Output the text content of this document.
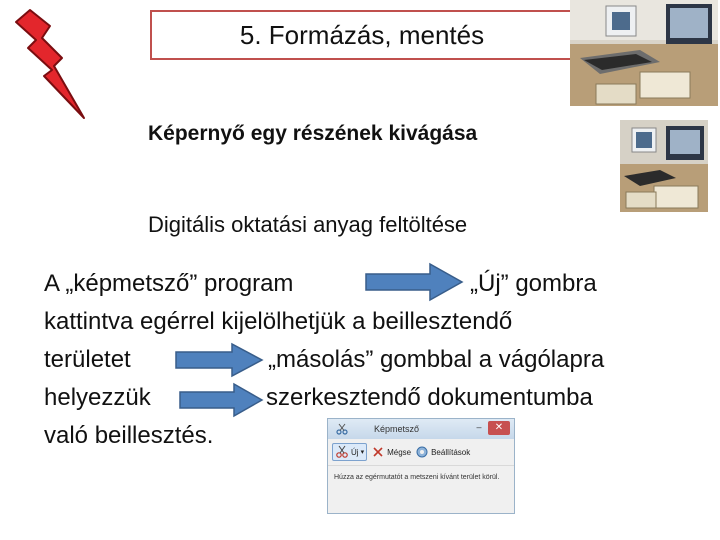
5. Formázás, mentés
Képernyő egy részének kivágása
Digitális oktatási anyag feltöltése
A „képmetsző” program	„Új” gombra
kattintva egérrel kijelölhetjük a beillesztendő
területet	„másolás” gombbal a vágólapra
helyezzük	szerkesztendő dokumentumba
való beillesztés.	Képmetsző	–	✕
Új ▾	Mégse	Beállítások
Húzza az egérmutatót a metszeni kívánt terület körül.
